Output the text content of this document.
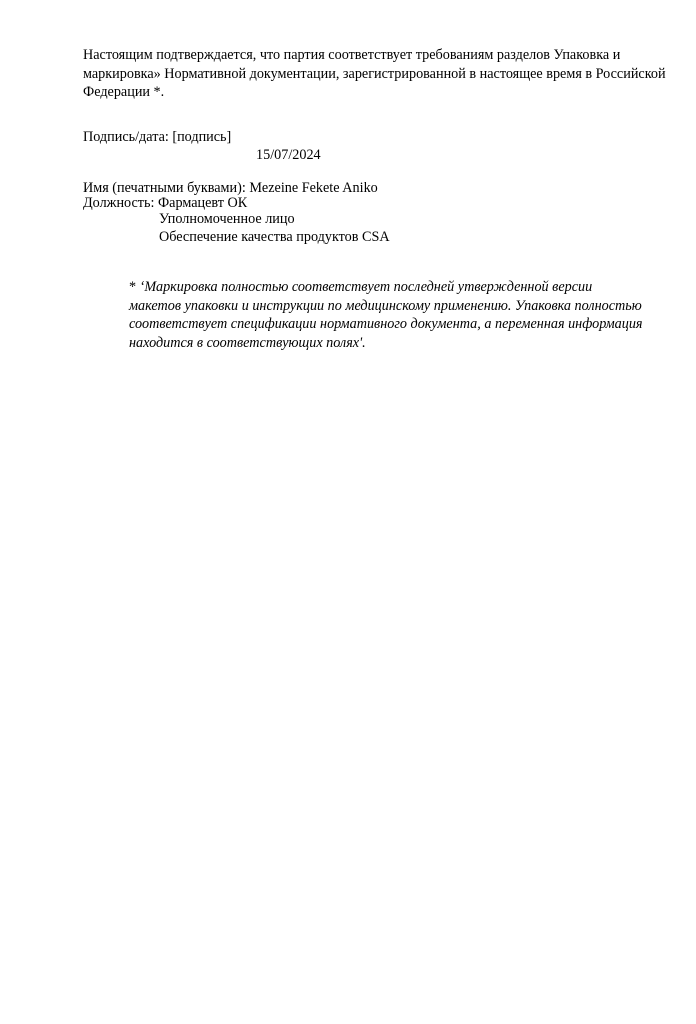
Настоящим подтверждается, что партия соответствует требованиям разделов Упаковка и
маркировка» Нормативной документации, зарегистрированной в настоящее время в Российской
Федерации *.

Подпись/дата: [подпись]
15/07/2024
Имя (печатными буквами): Mezeine Fekete Aniko
Должность: Фармацевт ОК
Уполномоченное лицо
Обеспечение качества продуктов CSA
* ‘Маркировка полностью соответствует последней утвержденной версии
макетов упаковки и инструкции по медицинскому применению. Упаковка полностью
соответствует спецификации нормативного документа, а переменная информация
находится в соответствующих полях'.
